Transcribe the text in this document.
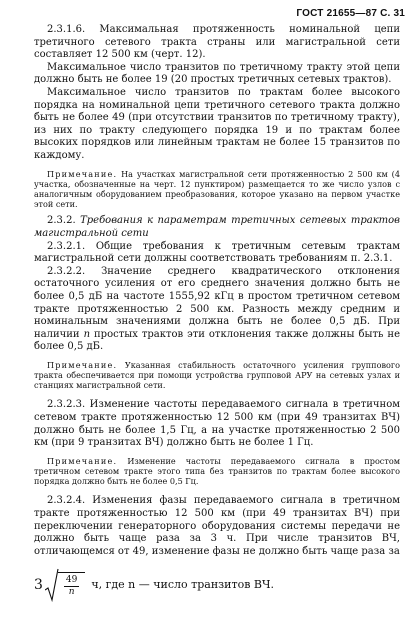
ГОСТ 21655—87 С. 31

2.3.1.6. Максимальная протяженность номинальной цепи третичного сетевого тракта страны или магистральной сети составляет 12 500 км (черт. 12).

Максимальное число транзитов по третичному тракту этой цепи должно быть не более 19 (20 простых третичных сетевых трактов).

Максимальное число транзитов по трактам более высокого порядка на номинальной цепи третичного сетевого тракта должно быть не более 49 (при отсутствии транзитов по третичному тракту), из них по тракту следующего порядка 19 и по трактам более высоких порядков или линейным трактам не более 15 транзитов по каждому.

Примечание. На участках магистральной сети протяженностью 2 500 км (4 участка, обозначенные на черт. 12 пунктиром) размещается то же число узлов с аналогичным оборудованием преобразования, которое указано на первом участке этой сети.

2.3.2. Требования к параметрам третичных сетевых трактов магистральной сети

2.3.2.1. Общие требования к третичным сетевым трактам магистральной сети должны соответствовать требованиям п. 2.3.1.

2.3.2.2. Значение среднего квадратического отклонения остаточного усиления от его среднего значения должно быть не более 0,5 дБ на частоте 1555,92 кГц в простом третичном сетевом тракте протяженностью 2 500 км. Разность между средним и номинальным значениями должна быть не более 0,5 дБ. При наличии n простых трактов эти отклонения также должны быть не более 0,5 дБ.

Примечание. Указанная стабильность остаточного усиления группового тракта обеспечивается при помощи устройства групповой АРУ на сетевых узлах и станциях магистральной сети.

2.3.2.3. Изменение частоты передаваемого сигнала в третичном сетевом тракте протяженностью 12 500 км (при 49 транзитах ВЧ) должно быть не более 1,5 Гц, а на участке протяженностью 2 500 км (при 9 транзитах ВЧ) должно быть не более 1 Гц.

Примечание. Изменение частоты передаваемого сигнала в простом третичном сетевом тракте этого типа без транзитов по трактам более высокого порядка должно быть не более 0,5 Гц.

2.3.2.4. Изменения фазы передаваемого сигнала в третичном тракте протяженностью 12 500 км (при 49 транзитах ВЧ) при переключении генераторного оборудования системы передачи не должно быть чаще раза за 3 ч. При числе транзитов ВЧ, отличающемся от 49, изменение фазы не должно быть чаще раза за

$3 \frac{49}{n} ч$, где n — число транзитов ВЧ.
